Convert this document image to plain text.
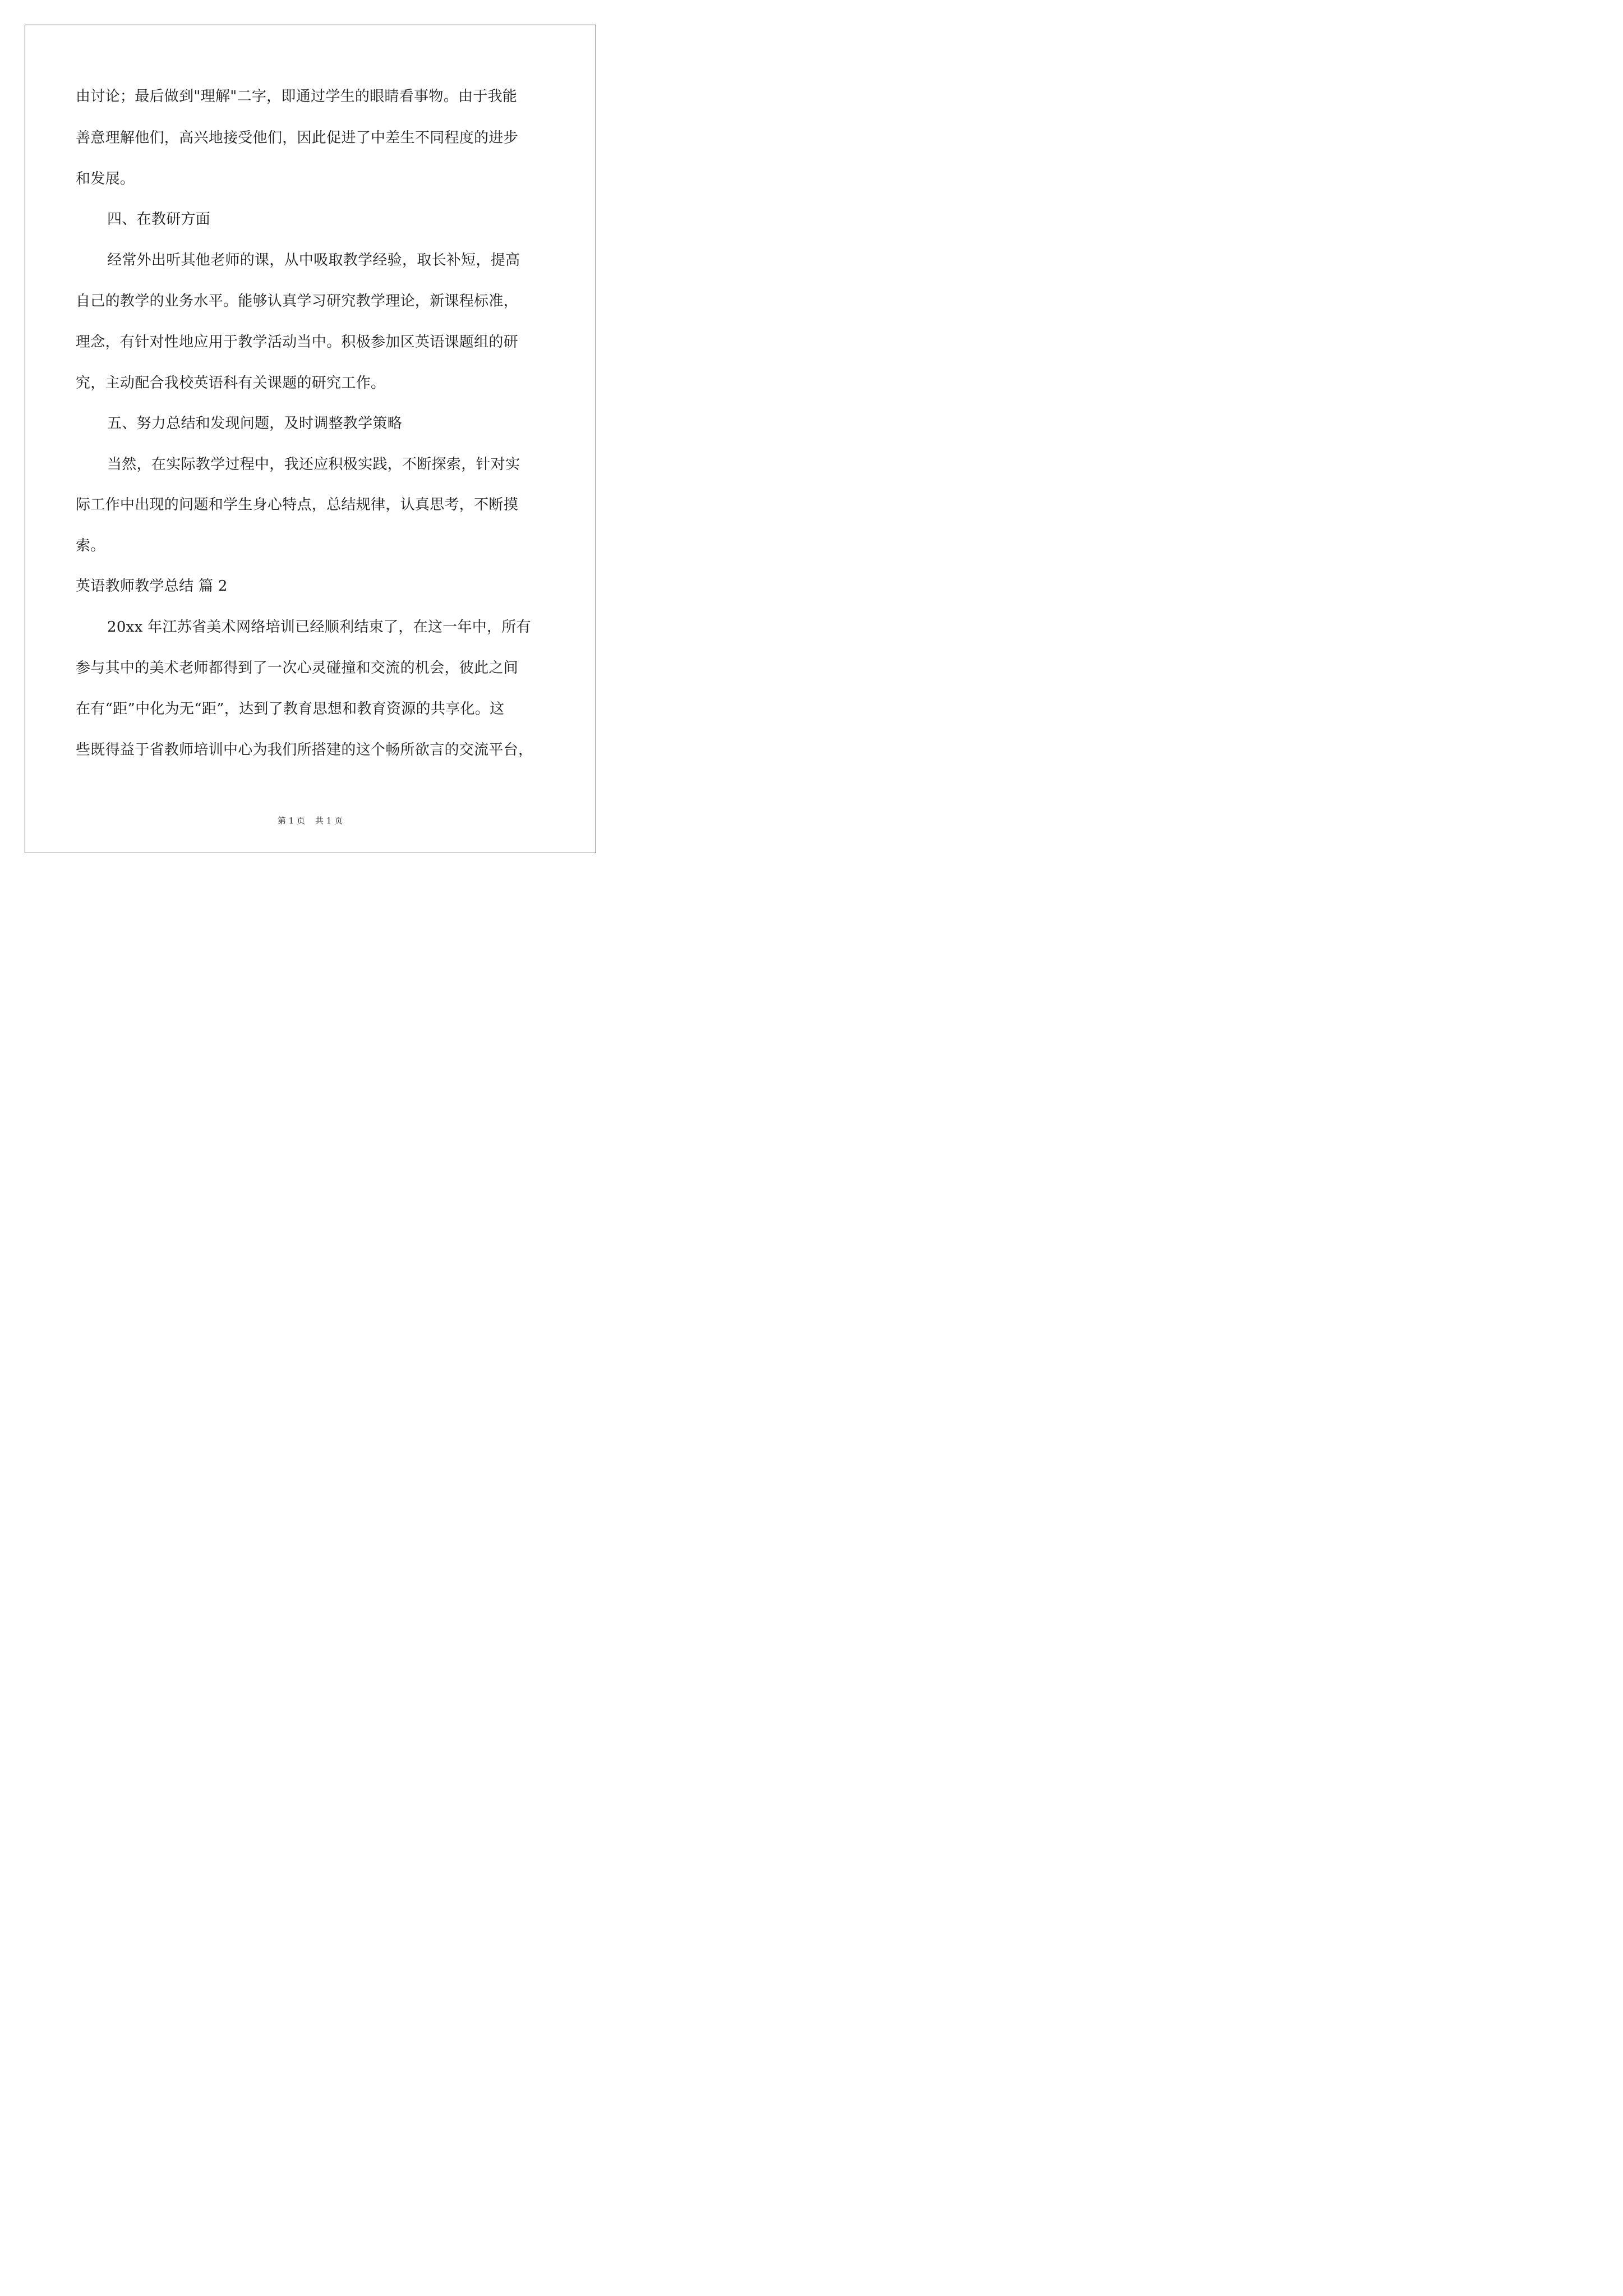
由讨论；最后做到"理解"二字，即通过学生的眼睛看事物。由于我能
善意理解他们，高兴地接受他们，因此促进了中差生不同程度的进步
和发展。
四、在教研方面
经常外出听其他老师的课，从中吸取教学经验，取长补短，提高
自己的教学的业务水平。能够认真学习研究教学理论，新课程标准，
理念，有针对性地应用于教学活动当中。积极参加区英语课题组的研
究，主动配合我校英语科有关课题的研究工作。
五、努力总结和发现问题，及时调整教学策略
当然，在实际教学过程中，我还应积极实践，不断探索，针对实
际工作中出现的问题和学生身心特点，总结规律，认真思考，不断摸
索。
英语教师教学总结 篇 2
20xx 年江苏省美术网络培训已经顺利结束了，在这一年中，所有
参与其中的美术老师都得到了一次心灵碰撞和交流的机会，彼此之间
在有“距”中化为无“距”，达到了教育思想和教育资源的共享化。这
些既得益于省教师培训中心为我们所搭建的这个畅所欲言的交流平台，
第 1 页 共 1 页
